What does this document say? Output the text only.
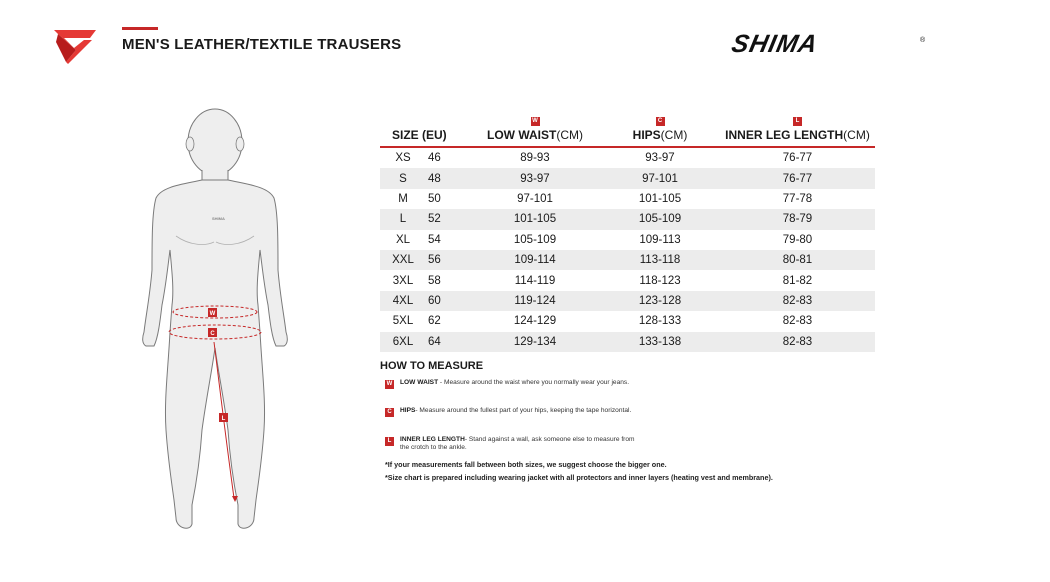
MEN'S LEATHER/TEXTILE TRAUSERS	SHIMA	®
SHIMA
W
C
L
SIZE (EU)
W
LOW WAIST(CM)
C
HIPS(CM)
L
INNER LEG LENGTH(CM)
XS	46	89-93	93-97	76-77
S	48	93-97	97-101	76-77
M	50	97-101	101-105	77-78
L	52	101-105	105-109	78-79
XL	54	105-109	109-113	79-80
XXL	56	109-114	113-118	80-81
3XL	58	114-119	118-123	81-82
4XL	60	119-124	123-128	82-83
5XL	62	124-129	128-133	82-83
6XL	64	129-134	133-138	82-83
HOW TO MEASURE
W LOW WAIST - Measure around the waist where you normally wear your jeans.
C	HIPS- Measure around the fullest part of your hips, keeping the tape horizontal.
L	INNER LEG LENGTH- Stand against a wall, ask someone else to measure from the crotch to the ankle.
*If your measurements fall between both sizes, we suggest choose the bigger one.
*Size chart is prepared including wearing jacket with all protectors and inner layers (heating vest and membrane).
